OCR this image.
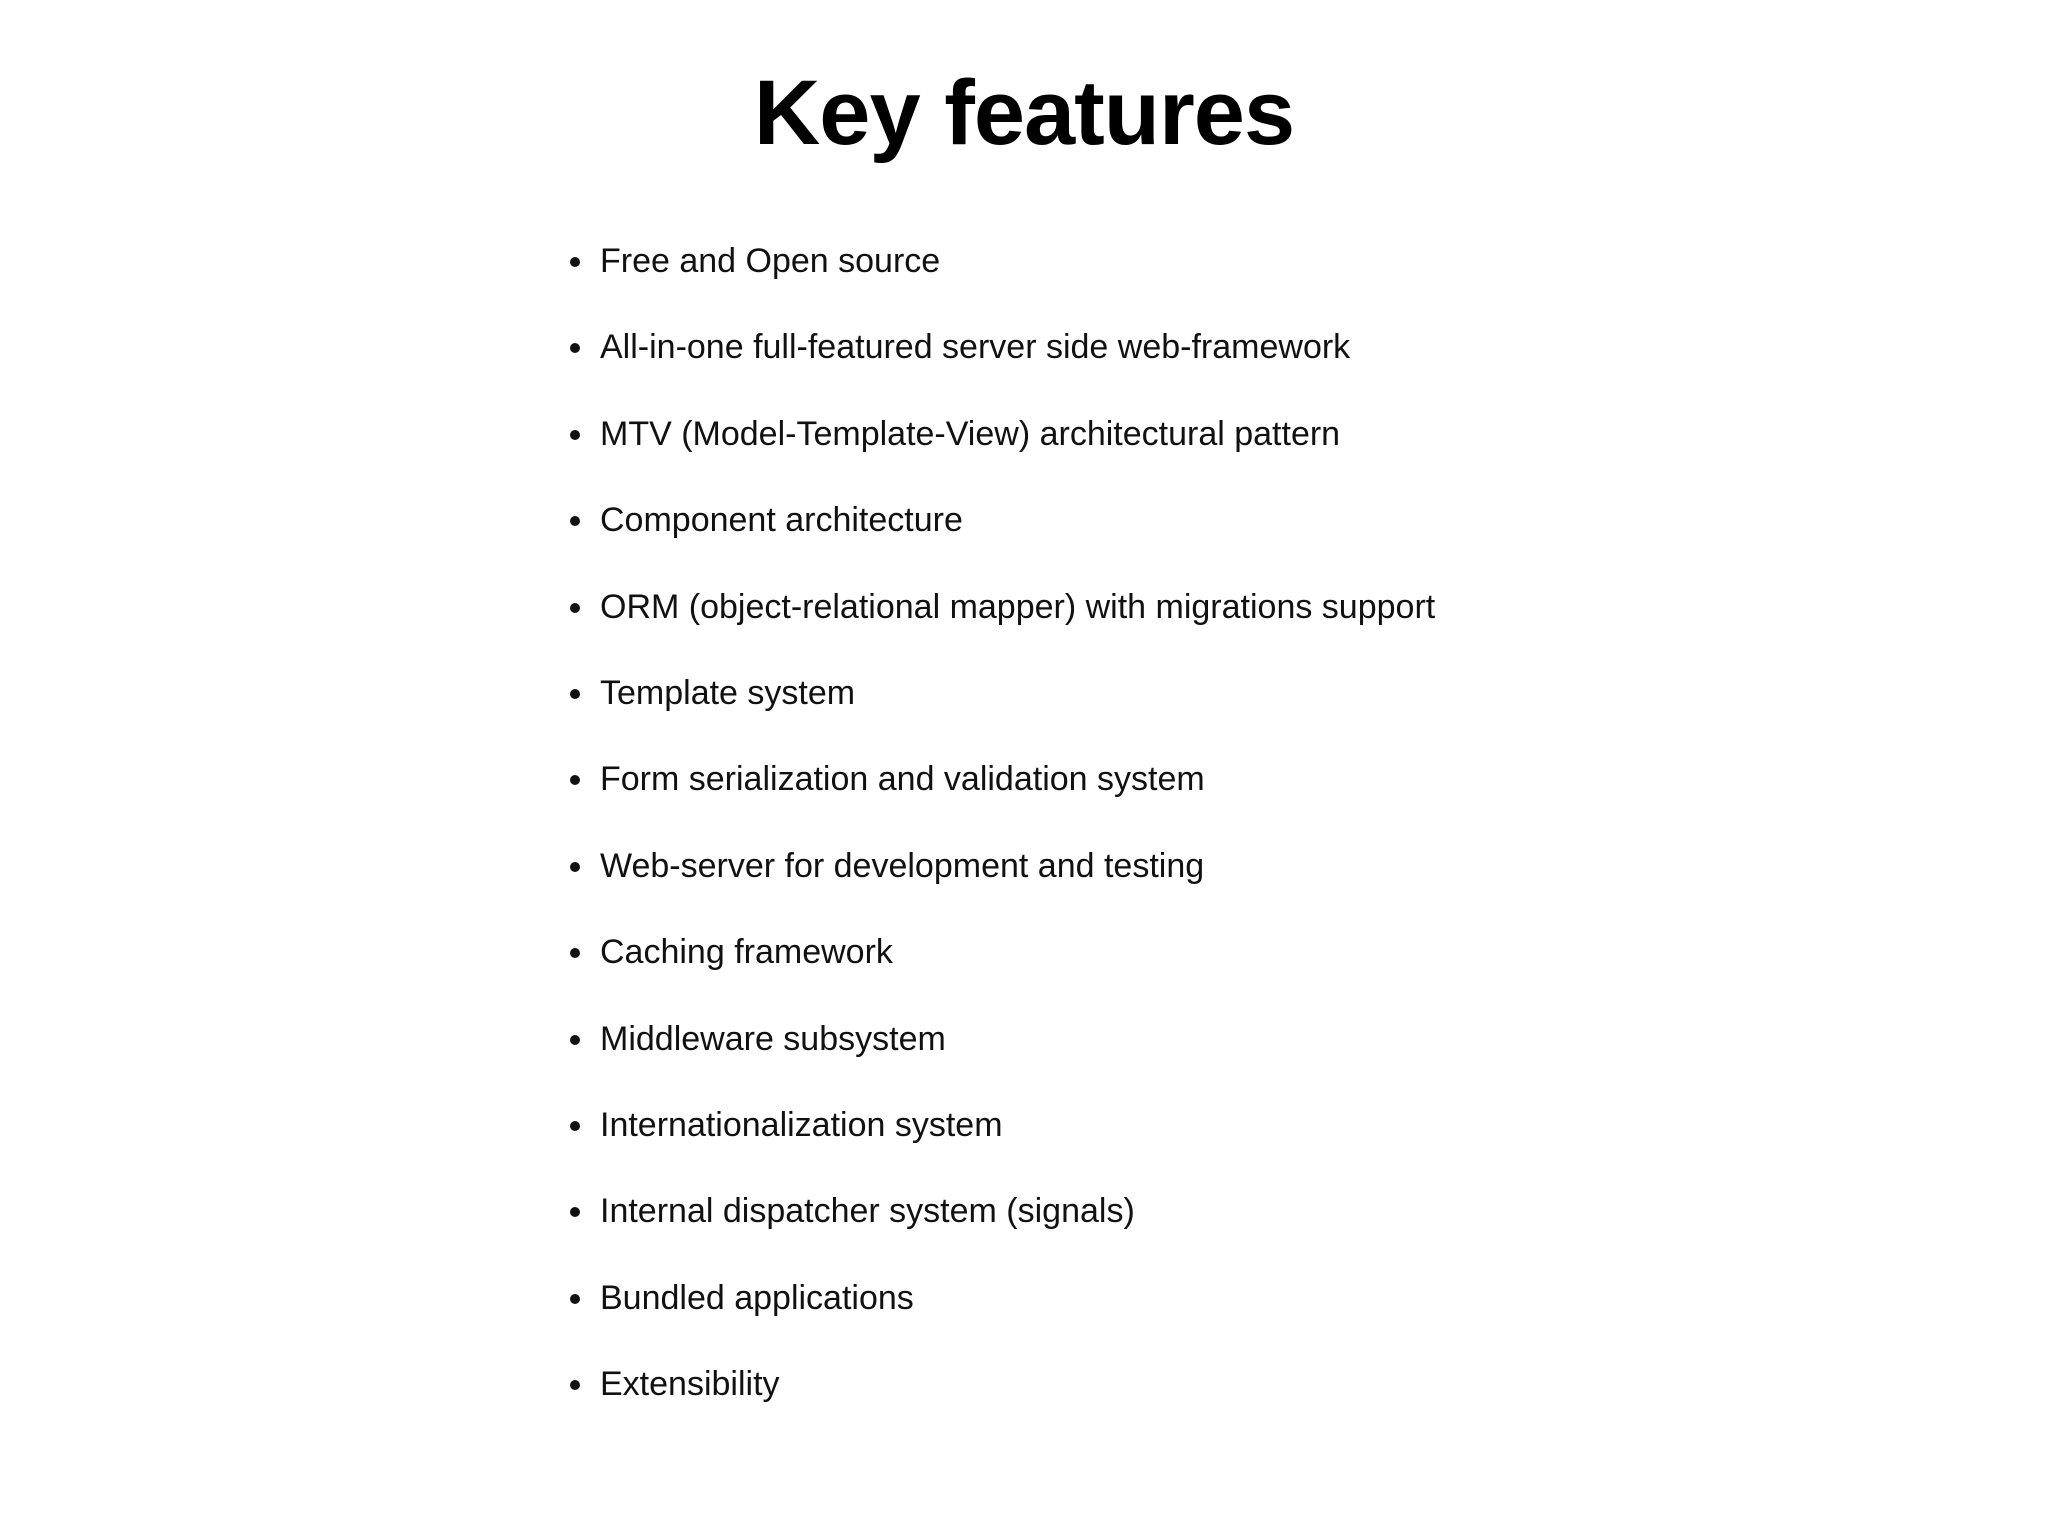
Key features
Free and Open source
All-in-one full-featured server side web-framework
MTV (Model-Template-View) architectural pattern
Component architecture
ORM (object-relational mapper) with migrations support
Template system
Form serialization and validation system
Web-server for development and testing
Caching framework
Middleware subsystem
Internationalization system
Internal dispatcher system (signals)
Bundled applications
Extensibility
